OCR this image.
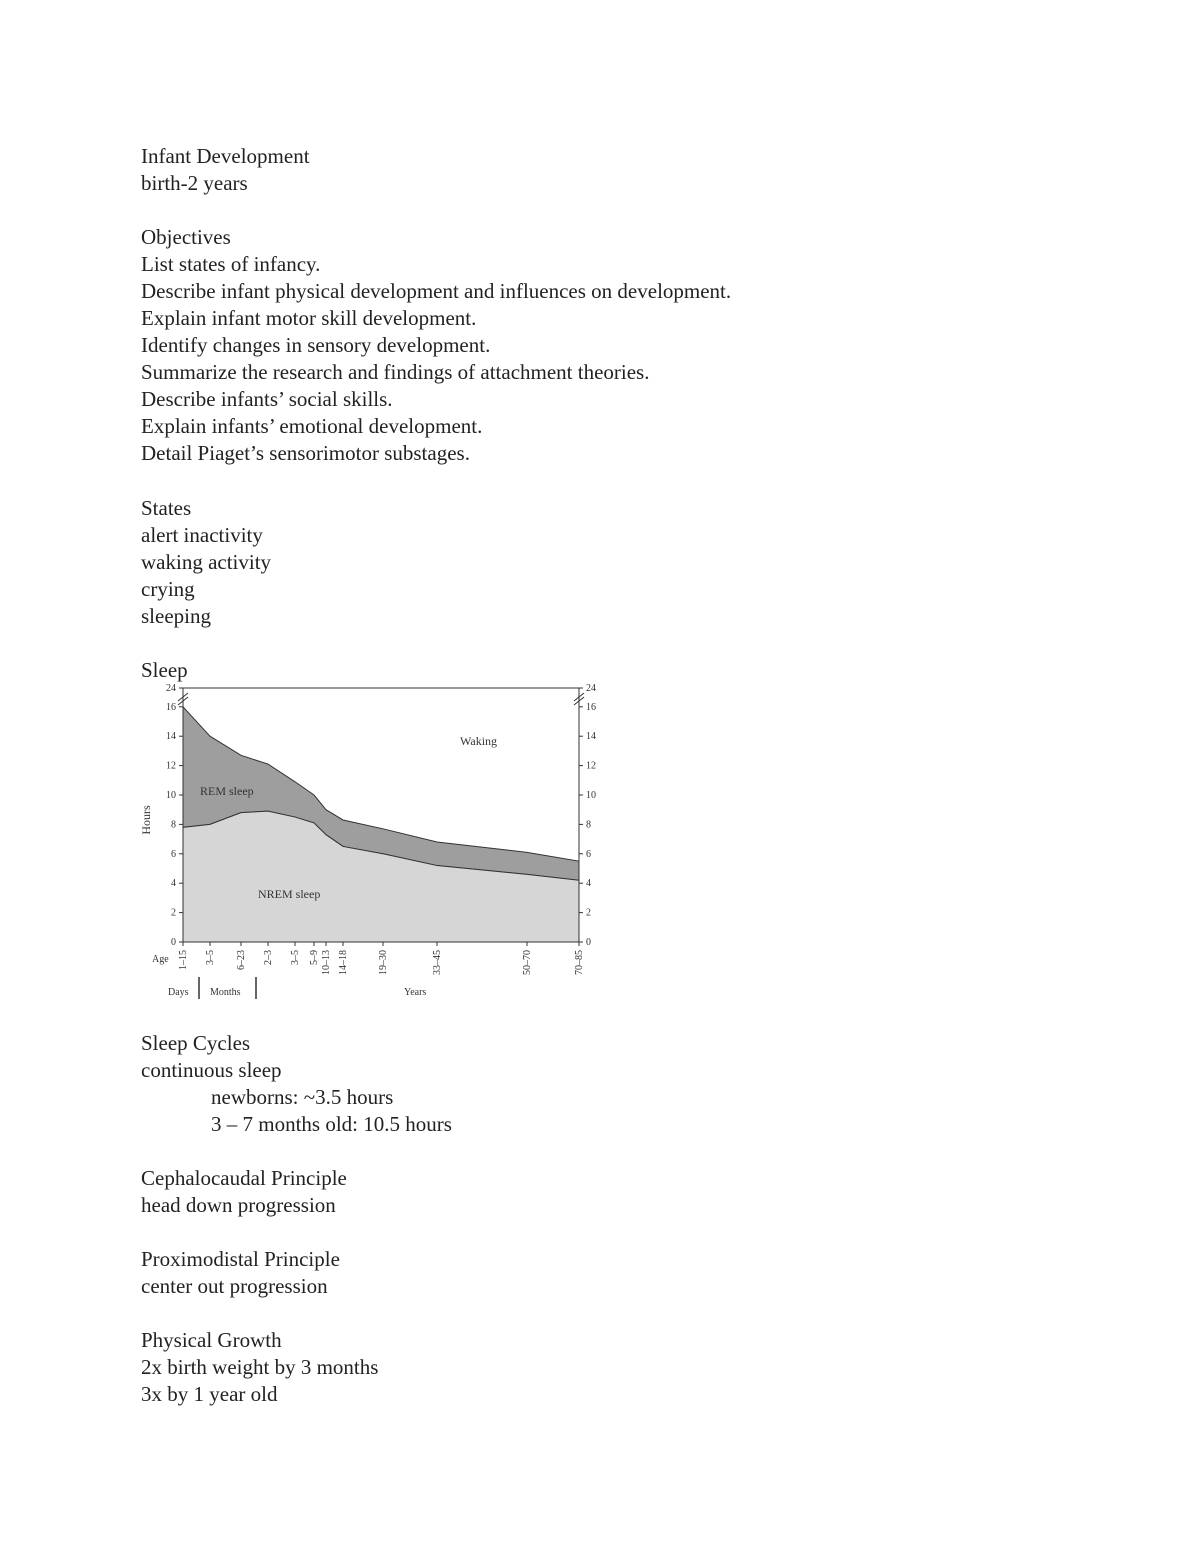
Infant Development

birth-2 years

Objectives

List states of infancy.

Describe infant physical development and influences on development.

Explain infant motor skill development.

Identify changes in sensory development.

Summarize the research and findings of attachment theories.

Describe infants’ social skills.

Explain infants’ emotional development.

Detail Piaget’s sensorimotor substages.

States

alert inactivity

waking activity

crying

sleeping

Sleep

0	0
2	2
4	4
6	6
8	8
10	10
12	12
14	14
16	16
24	24
1–15 3–5 6–23 2–3 3–5 5–9 10–13 14–18	19–30	33–45	50–70	70–85
Hours
Age
Waking
REM sleep
NREM sleep
Days Months	Years

Sleep Cycles

continuous sleep

newborns: ~3.5 hours

3 – 7 months old: 10.5 hours

Cephalocaudal Principle

head down progression

Proximodistal Principle

center out progression

Physical Growth

2x birth weight by 3 months

3x by 1 year old
